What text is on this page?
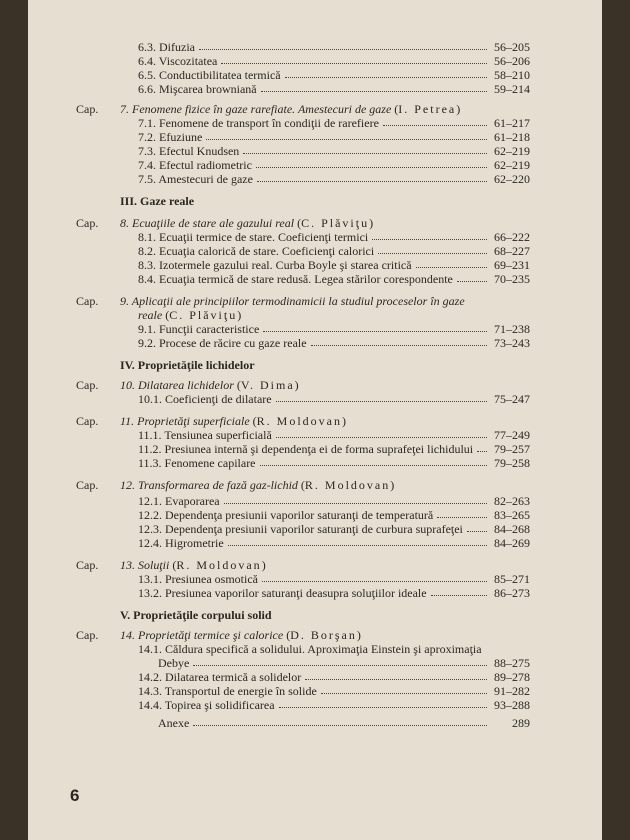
6.3. Difuzia	56–205
6.4. Viscozitatea	56–206
6.5. Conductibilitatea termică	58–210
6.6. Mişcarea browniană	59–214
Cap.	7. Fenomene fizice în gaze rarefiate. Amestecuri de gaze (I. Petrea)
7.1. Fenomene de transport în condiţii de rarefiere	61–217
7.2. Efuziune	61–218
7.3. Efectul Knudsen	62–219
7.4. Efectul radiometric	62–219
7.5. Amestecuri de gaze	62–220
III. Gaze reale
Cap.	8. Ecuaţiile de stare ale gazului real (C. Plăviţu)
8.1. Ecuaţii termice de stare. Coeficienţi termici	66–222
8.2. Ecuaţia calorică de stare. Coeficienţi calorici	68–227
8.3. Izotermele gazului real. Curba Boyle şi starea critică	69–231
8.4. Ecuaţia termică de stare redusă. Legea stărilor corespondente	70–235
Cap.	9. Aplicaţii ale principiilor termodinamicii la studiul proceselor în gaze
reale (C. Plăviţu)
9.1. Funcţii caracteristice	71–238
9.2. Procese de răcire cu gaze reale	73–243
IV. Proprietăţile lichidelor
Cap.	10. Dilatarea lichidelor (V. Dima)
10.1. Coeficienţi de dilatare	75–247
Cap.	11. Proprietăţi superficiale (R. Moldovan)
11.1. Tensiunea superficială	77–249
11.2. Presiunea internă şi dependenţa ei de forma suprafeţei lichidului	79–257
11.3. Fenomene capilare	79–258
Cap.	12. Transformarea de fază gaz-lichid (R. Moldovan)
12.1. Evaporarea	82–263
12.2. Dependenţa presiunii vaporilor saturanţi de temperatură	83–265
12.3. Dependenţa presiunii vaporilor saturanţi de curbura suprafeţei	84–268
12.4. Higrometrie	84–269
Cap.	13. Soluţii (R. Moldovan)
13.1. Presiunea osmotică	85–271
13.2. Presiunea vaporilor saturanţi deasupra soluţiilor ideale	86–273
V. Proprietăţile corpului solid
Cap.	14. Proprietăţi termice şi calorice (D. Borşan)
14.1. Căldura specifică a solidului. Aproximaţia Einstein şi aproximaţia
Debye	88–275
14.2. Dilatarea termică a solidelor	89–278
14.3. Transportul de energie în solide	91–282
14.4. Topirea şi solidificarea	93–288
Anexe	289
6
